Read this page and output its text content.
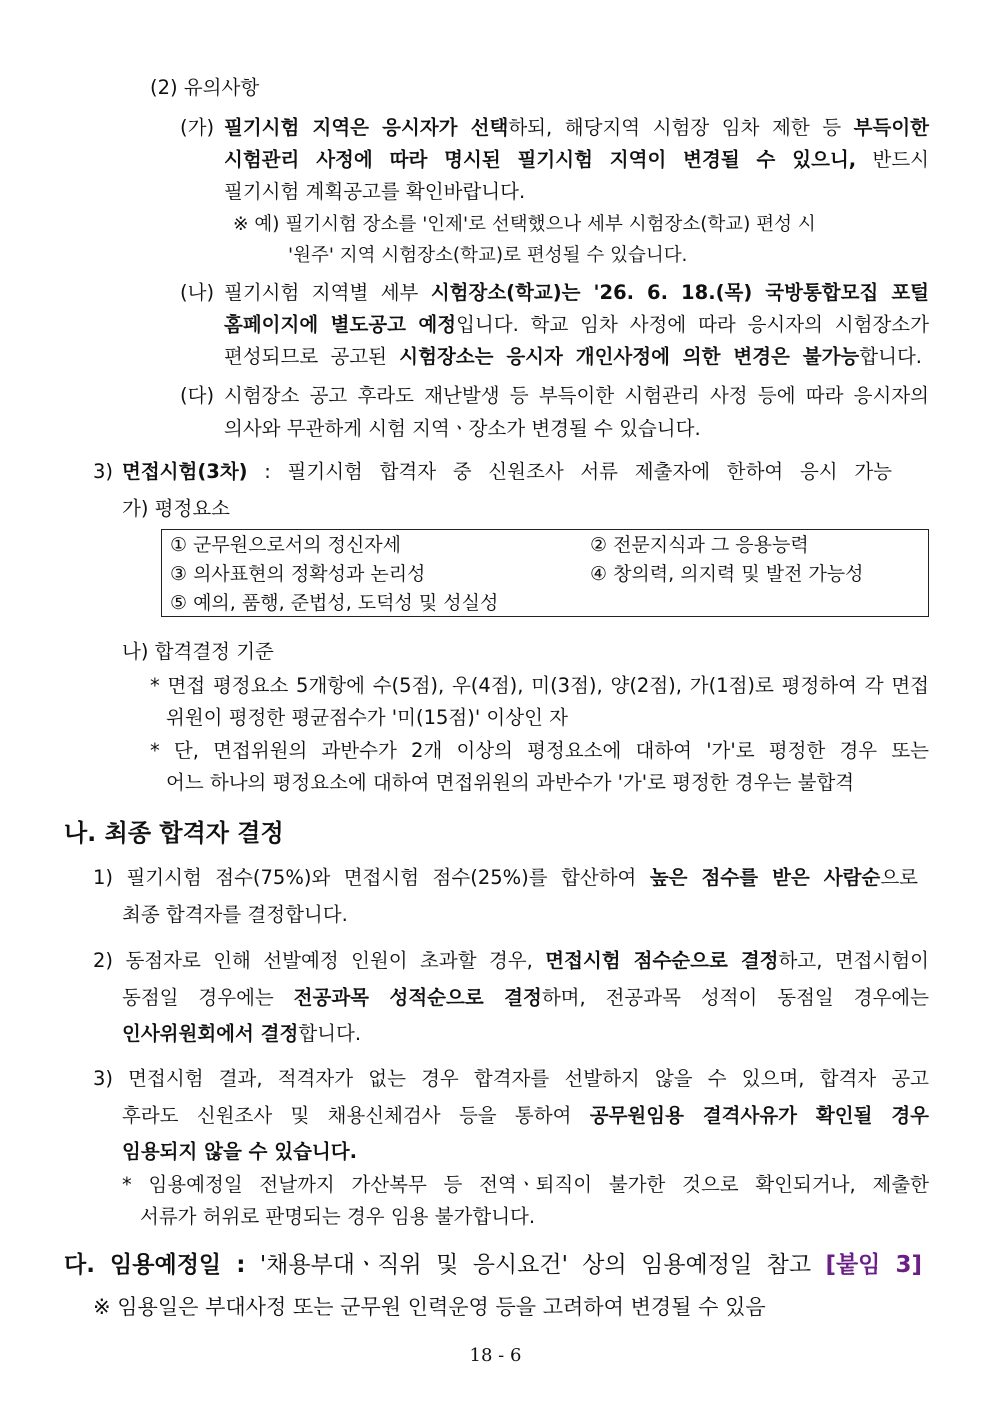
(2) 유의사항
(가) 필기시험 지역은 응시자가 선택하되, 해당지역 시험장 임차 제한 등 부득이한
시험관리 사정에 따라 명시된 필기시험 지역이 변경될 수 있으니, 반드시
필기시험 계획공고를 확인바랍니다.
※ 예) 필기시험 장소를 '인제'로 선택했으나 세부 시험장소(학교) 편성 시
'원주' 지역 시험장소(학교)로 편성될 수 있습니다.
(나) 필기시험 지역별 세부 시험장소(학교)는 '26. 6. 18.(목) 국방통합모집 포털
홈페이지에 별도공고 예정입니다. 학교 임차 사정에 따라 응시자의 시험장소가
편성되므로 공고된 시험장소는 응시자 개인사정에 의한 변경은 불가능합니다.
(다) 시험장소 공고 후라도 재난발생 등 부득이한 시험관리 사정 등에 따라 응시자의
의사와 무관하게 시험 지역ㆍ장소가 변경될 수 있습니다.
3) 면접시험(3차) : 필기시험 합격자 중 신원조사 서류 제출자에 한하여 응시 가능
가) 평정요소
① 군무원으로서의 정신자세	② 전문지식과 그 응용능력
③ 의사표현의 정확성과 논리성	④ 창의력, 의지력 및 발전 가능성
⑤ 예의, 품행, 준법성, 도덕성 및 성실성
나) 합격결정 기준
* 면접 평정요소 5개항에 수(5점), 우(4점), 미(3점), 양(2점), 가(1점)로 평정하여 각 면접
위원이 평정한 평균점수가 '미(15점)' 이상인 자
* 단, 면접위원의 과반수가 2개 이상의 평정요소에 대하여 '가'로 평정한 경우 또는
어느 하나의 평정요소에 대하여 면접위원의 과반수가 '가'로 평정한 경우는 불합격
나. 최종 합격자 결정
1) 필기시험 점수(75%)와 면접시험 점수(25%)를 합산하여 높은 점수를 받은 사람순으로
최종 합격자를 결정합니다.
2) 동점자로 인해 선발예정 인원이 초과할 경우, 면접시험 점수순으로 결정하고, 면접시험이
동점일 경우에는 전공과목 성적순으로 결정하며, 전공과목 성적이 동점일 경우에는
인사위원회에서 결정합니다.
3) 면접시험 결과, 적격자가 없는 경우 합격자를 선발하지 않을 수 있으며, 합격자 공고
후라도 신원조사 및 채용신체검사 등을 통하여 공무원임용 결격사유가 확인될 경우
임용되지 않을 수 있습니다.
* 임용예정일 전날까지 가산복무 등 전역ㆍ퇴직이 불가한 것으로 확인되거나, 제출한
서류가 허위로 판명되는 경우 임용 불가합니다.
다. 임용예정일 : '채용부대ㆍ직위 및 응시요건' 상의 임용예정일 참고 [붙임 3]
※ 임용일은 부대사정 또는 군무원 인력운영 등을 고려하여 변경될 수 있음
18 - 6
